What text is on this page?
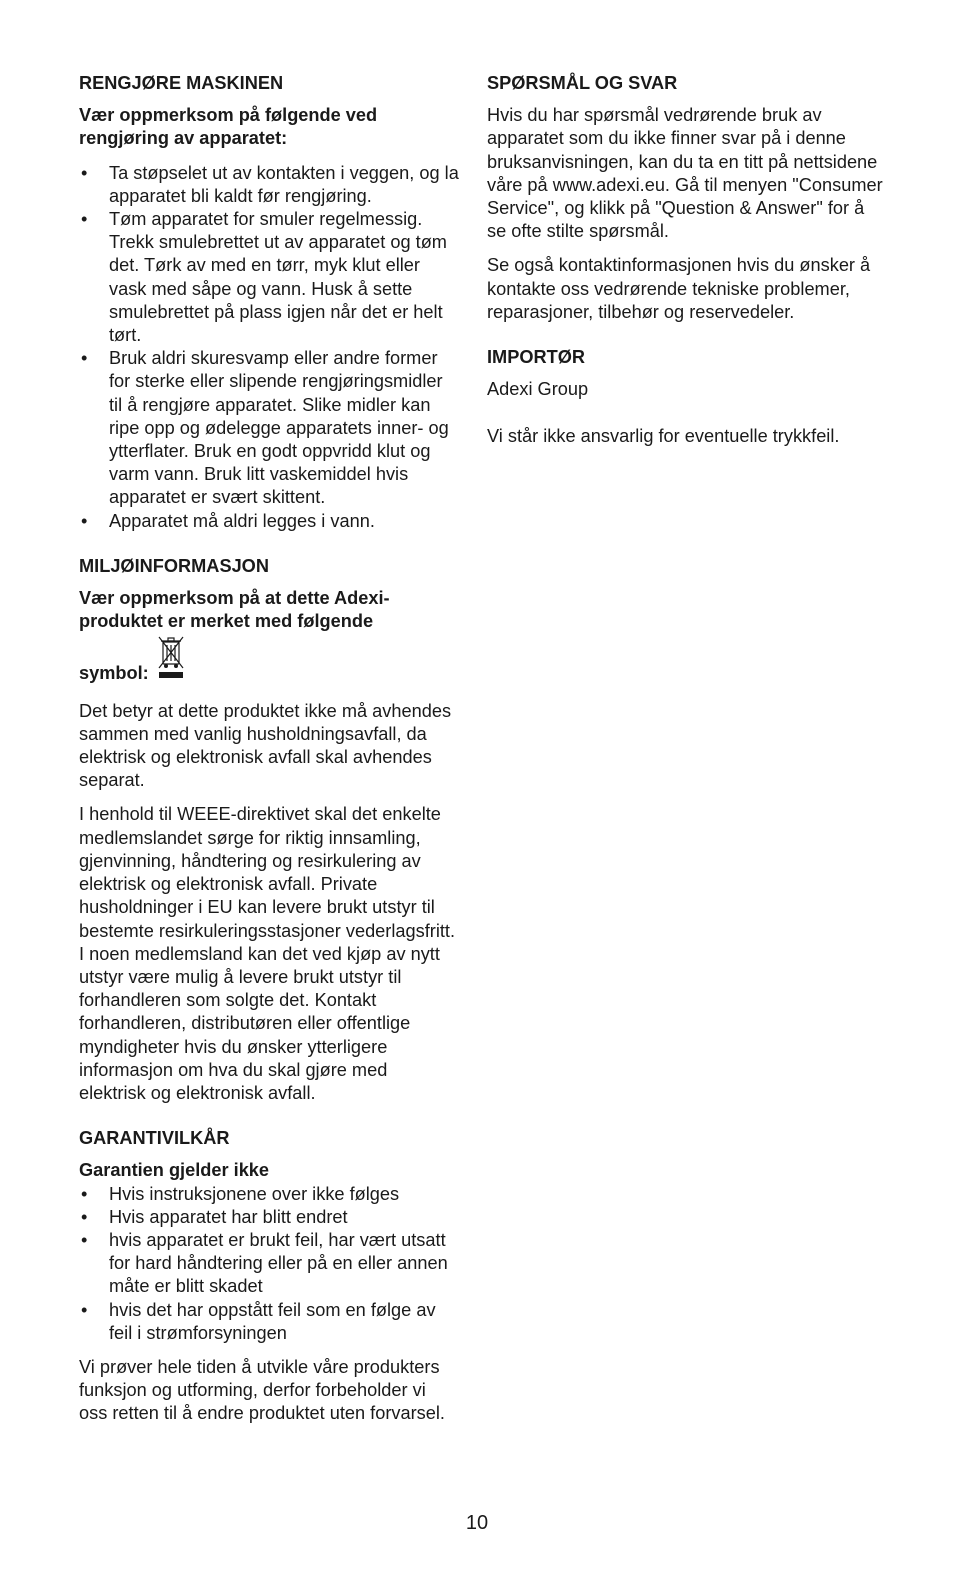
RENGJØRE MASKINEN
Vær oppmerksom på følgende ved rengjøring av apparatet:
• Ta støpselet ut av kontakten i veggen, og la apparatet bli kaldt før rengjøring.
• Tøm apparatet for smuler regelmessig. Trekk smulebrettet ut av apparatet og tøm det. Tørk av med en tørr, myk klut eller vask med såpe og vann. Husk å sette smulebrettet på plass igjen når det er helt tørt.
• Bruk aldri skuresvamp eller andre former for sterke eller slipende rengjøringsmidler til å rengjøre apparatet. Slike midler kan ripe opp og ødelegge apparatets inner- og ytterflater. Bruk en godt oppvridd klut og varm vann. Bruk litt vaskemiddel hvis apparatet er svært skittent.
• Apparatet må aldri legges i vann.
MILJØINFORMASJON
Vær oppmerksom på at dette Adexi-produktet er merket med følgende
symbol:

Det betyr at dette produktet ikke må avhendes sammen med vanlig husholdningsavfall, da elektrisk og elektronisk avfall skal avhendes separat.

I henhold til WEEE-direktivet skal det enkelte medlemslandet sørge for riktig innsamling, gjenvinning, håndtering og resirkulering av elektrisk og elektronisk avfall. Private husholdninger i EU kan levere brukt utstyr til bestemte resirkuleringsstasjoner vederlagsfritt. I noen medlemsland kan det ved kjøp av nytt utstyr være mulig å levere brukt utstyr til forhandleren som solgte det. Kontakt forhandleren, distributøren eller offentlige myndigheter hvis du ønsker ytterligere informasjon om hva du skal gjøre med elektrisk og elektronisk avfall.

GARANTIVILKÅR
Garantien gjelder ikke
• Hvis instruksjonene over ikke følges
• Hvis apparatet har blitt endret
• hvis apparatet er brukt feil, har vært utsatt for hard håndtering eller på en eller annen måte er blitt skadet
• hvis det har oppstått feil som en følge av feil i strømforsyningen

Vi prøver hele tiden å utvikle våre produkters funksjon og utforming, derfor forbeholder vi oss retten til å endre produktet uten forvarsel.

SPØRSMÅL OG SVAR

Hvis du har spørsmål vedrørende bruk av apparatet som du ikke finner svar på i denne bruksanvisningen, kan du ta en titt på nettsidene våre på www.adexi.eu. Gå til menyen "Consumer Service", og klikk på "Question & Answer" for å se ofte stilte spørsmål.

Se også kontaktinformasjonen hvis du ønsker å kontakte oss vedrørende tekniske problemer, reparasjoner, tilbehør og reservedeler.

IMPORTØR

Adexi Group

Vi står ikke ansvarlig for eventuelle trykkfeil.

10
